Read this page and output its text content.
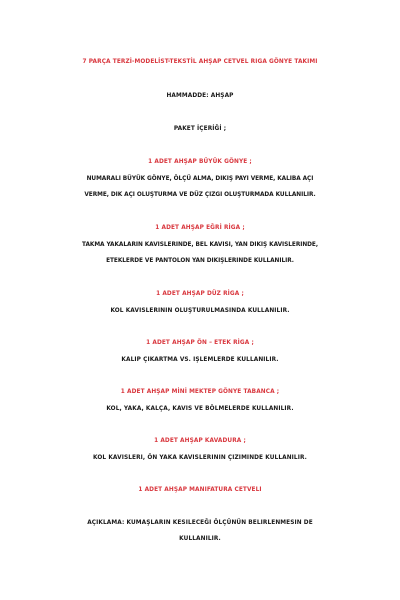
7 PARÇA TERZİ-MODELİST-TEKSTİL AHŞAP CETVEL RIGA GÖNYE TAKIMI
HAMMADDE: AHŞAP
PAKET İÇERİĞİ ;
1 ADET AHŞAP BÜYÜK GÖNYE ;
NUMARALI BÜYÜK GÖNYE, ÖLÇÜ ALMA, DIKIŞ PAYI VERME, KALIBA AÇI
VERME, DIK AÇI OLUŞTURMA VE DÜZ ÇIZGI OLUŞTURMADA KULLANILIR.
1 ADET AHŞAP EĞRİ RİGA ;
TAKMA YAKALARIN KAVISLERINDE, BEL KAVISI, YAN DIKIŞ KAVISLERINDE,
ETEKLERDE VE PANTOLON YAN DIKIŞLERINDE KULLANILIR.
1 ADET AHŞAP DÜZ RİGA ;
KOL KAVISLERININ OLUŞTURULMASINDA KULLANILIR.
1 ADET AHŞAP ÖN – ETEK RİGA ;
KALIP ÇIKARTMA VS. IŞLEMLERDE KULLANILIR.
1 ADET AHŞAP MİNİ MEKTEP GÖNYE TABANCA ;
KOL, YAKA, KALÇA, KAVIS VE BÖLMELERDE KULLANILIR.
1 ADET AHŞAP KAVADURA ;
KOL KAVISLERI, ÖN YAKA KAVISLERININ ÇIZIMINDE KULLANILIR.
1 ADET AHŞAP MANIFATURA CETVELI
AÇIKLAMA: KUMAŞLARIN KESILECEĞI ÖLÇÜNÜN BELIRLENMESIN DE
KULLANILIR.
